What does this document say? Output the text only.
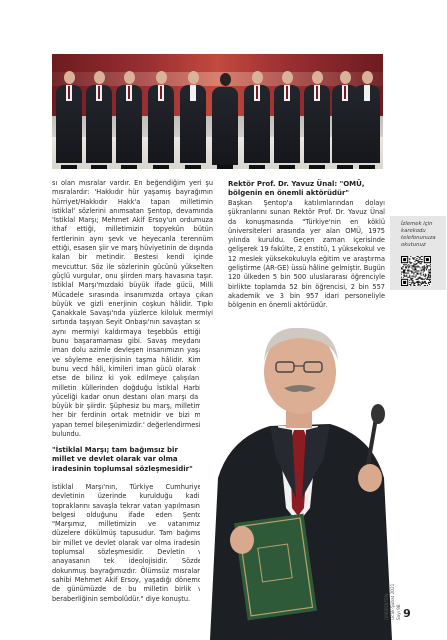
sı olan mısralar vardır. En beğendiğim yeri şu mısralardır: 'Hakkıdır hür yaşamış bayrağımın hürriyet/Hakkıdır Hakk'a tapan milletimin istiklal' sözlerini anımsatan Şentop, devamında 'İstiklal Marşı; Mehmet Akif Ersoy'un ordumuza ithaf ettiği, milletimizin topyekûn bütün fertlerinin aynı şevk ve heyecanla terennüm ettiği, esasen şiir ve marş hüviyetinin de dışında kalan bir metindir. Bestesi kendi içinde mevcuttur. Söz ile sözlerinin gücünü yükselten güçlü vurgular, onu şiirden marş havasına taşır. İstiklal Marşı'mızdaki büyük ifade gücü, Milli Mücadele sırasında insanımızda ortaya çıkan büyük ve gizli enerjinin coşkun hâlidir. Tıpkı Çanakkale Savaşı'nda yüzlerce kiloluk mermiyi sırtında taşıyan Seyit Onbaşı'nın savaştan sonra aynı mermiyi kaldırmaya teşebbüs ettiğinde bunu başaramaması gibi. Savaş meydanında iman dolu azimle devleşen insanımızın yaşama ve söyleme enerjisinin taşma hâlidir. Kimileri bunu vecd hâli, kimileri iman gücü olarak tarif etse de bilinz ki yok edilmeye çalışılan bu milletin küllerinden doğduğu İstiklal Harbi'nin yüceliği kadar onun destanı olan marşı da çok büyük bir şiirdir. Şüphesiz bu marş, milletimizin her bir ferdinin ortak metnidir ve bizi millet yapan temel bileşenimizdir.' değerlendirmesinde bulundu.
"İstiklal Marşı; tam bağımsız bir millet ve devlet olarak var olma iradesinin toplumsal sözleşmesidir"
İstiklal Marşı'nın, Türkiye Cumhuriyeti devletinin üzerinde kurulduğu kadim topraklarını savaşla tekrar vatan yapılmasının belgesi olduğunu ifade eden Şentop "Marşımız, milletimizin ve vatanımızın düzelere dökülmüş tapusudur. Tam bağımsız bir millet ve devlet olarak var olma iradesinin toplumsal sözleşmesidir. Devletin ve anayasanın tek ideolojisidir. Sözden dokunmuş bayrağımızdır. Ölümsüz mısraların sahibi Mehmet Akif Ersoy, yaşadığı dönemde de günümüzde de bu milletin birlik ve beraberliğinin sembolüdür." diye konuştu.
Rektör Prof. Dr. Yavuz Ünal: "OMÜ, bölgenin en önemli aktörüdür"
Başkan Şentop'a katılımlarından dolayı şükranlarını sunan Rektör Prof. Dr. Yavuz Ünal da konuşmasında "Türkiye'nin en köklü üniversiteleri arasında yer alan OMÜ, 1975 yılında kuruldu. Geçen zaman içerisinde gelişerek 19 fakülte, 2 enstitü, 1 yüksekokul ve 12 meslek yüksekokuluyla eğitim ve araştırma geliştirme (AR-GE) üssü hâline gelmiştir. Bugün 120 ülkeden 5 bin 500 uluslararası öğrenciyle birlikte toplamda 52 bin öğrencisi, 2 bin 557 akademik ve 3 bin 957 idari personeliyle bölgenin en önemli aktörüdür.
İzlemek için karekodu telefonunuza okutunuz
OMÜBÜLTEN Ocak-Şubat 2021 Sayı 98 9
